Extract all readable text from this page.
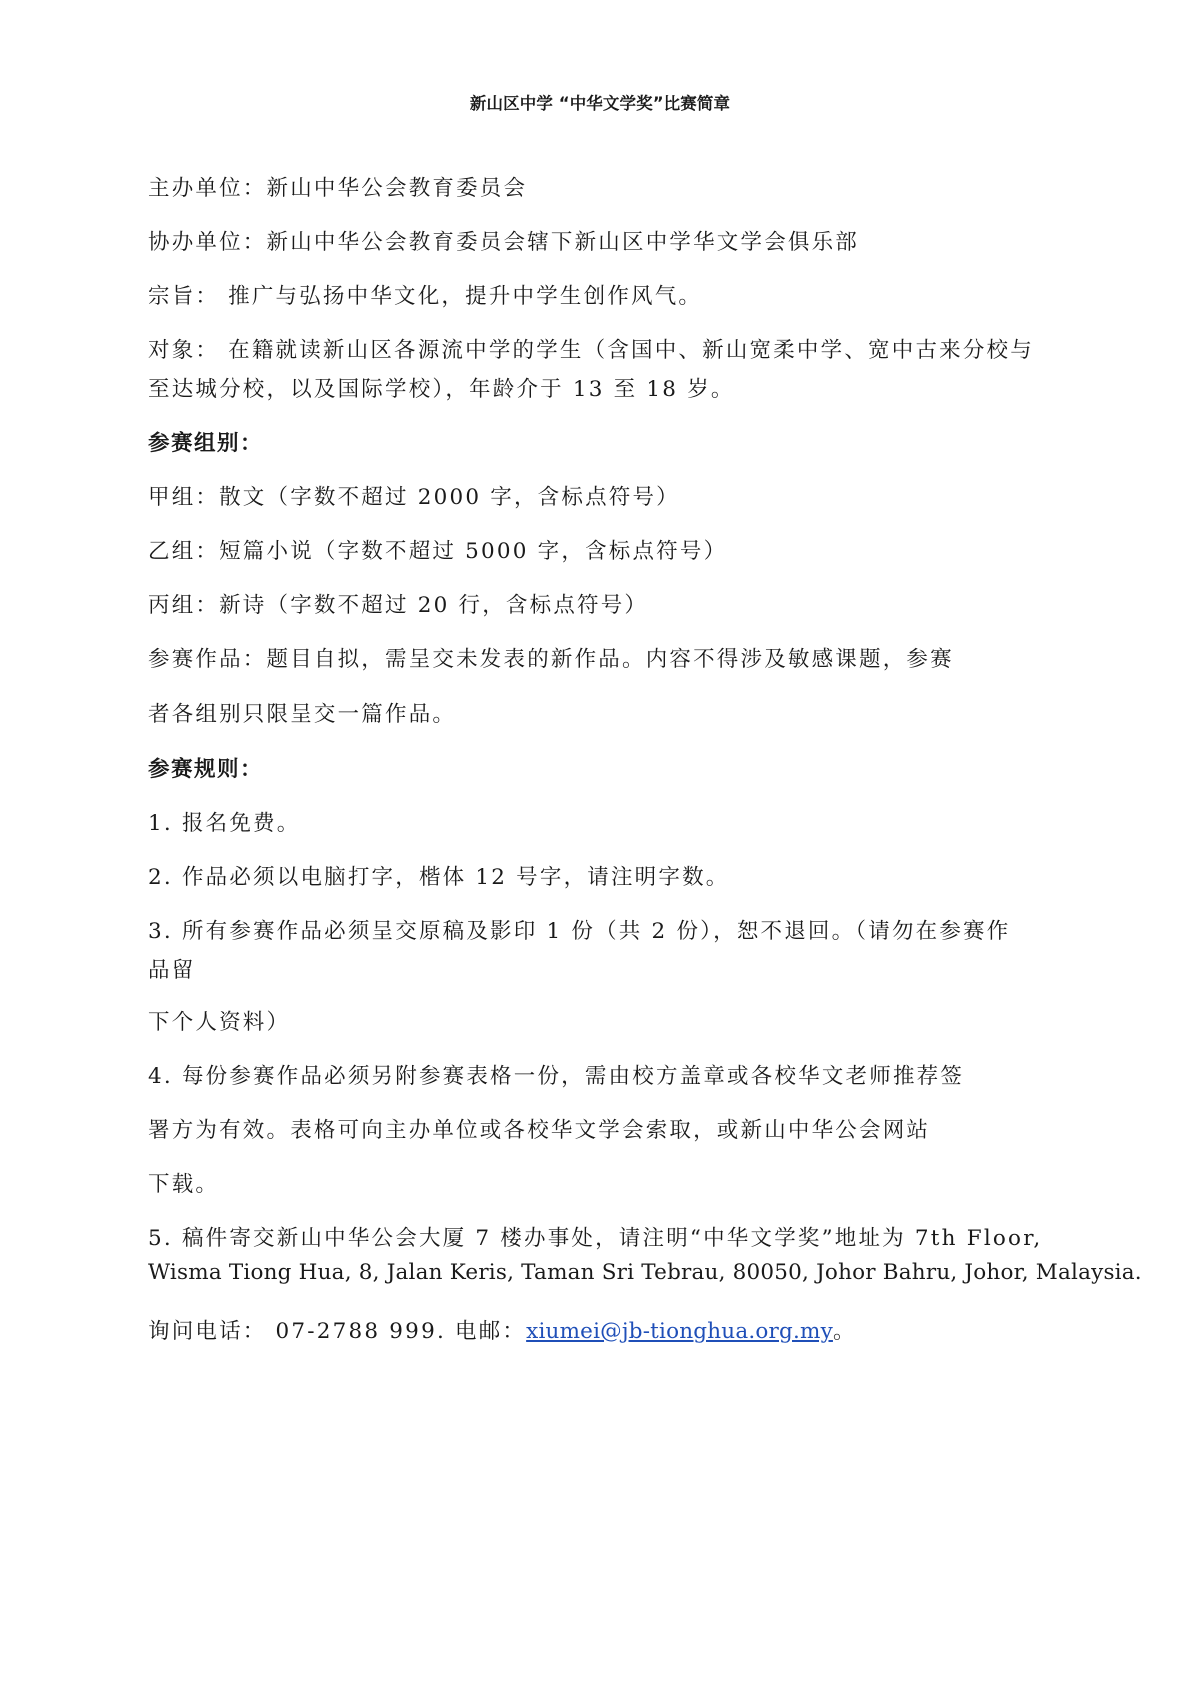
新山区中学 “中华文学奖”比赛简章
主办单位：新山中华公会教育委员会
协办单位：新山中华公会教育委员会辖下新山区中学华文学会俱乐部
宗旨： 推广与弘扬中华文化，提升中学生创作风气。
对象： 在籍就读新山区各源流中学的学生（含国中、新山宽柔中学、宽中古来分校与
至达城分校，以及国际学校），年龄介于 13 至 18 岁。
参赛组别：
甲组：散文（字数不超过 2000 字，含标点符号）
乙组：短篇小说（字数不超过 5000 字，含标点符号）
丙组：新诗（字数不超过 20 行，含标点符号）
参赛作品：题目自拟，需呈交未发表的新作品。内容不得涉及敏感课题，参赛
者各组别只限呈交一篇作品。
参赛规则：
1. 报名免费。
2. 作品必须以电脑打字，楷体 12 号字，请注明字数。
3. 所有参赛作品必须呈交原稿及影印 1 份（共 2 份），恕不退回。（请勿在参赛作
品留
下个人资料）
4. 每份参赛作品必须另附参赛表格一份，需由校方盖章或各校华文老师推荐签
署方为有效。表格可向主办单位或各校华文学会索取，或新山中华公会网站
下载。
5. 稿件寄交新山中华公会大厦 7 楼办事处，请注明“中华文学奖”地址为 7th Floor,
Wisma Tiong Hua, 8, Jalan Keris, Taman Sri Tebrau, 80050, Johor Bahru, Johor, Malaysia.
询问电话： 07-2788 999. 电邮：xiumei@jb-tionghua.org.my。
